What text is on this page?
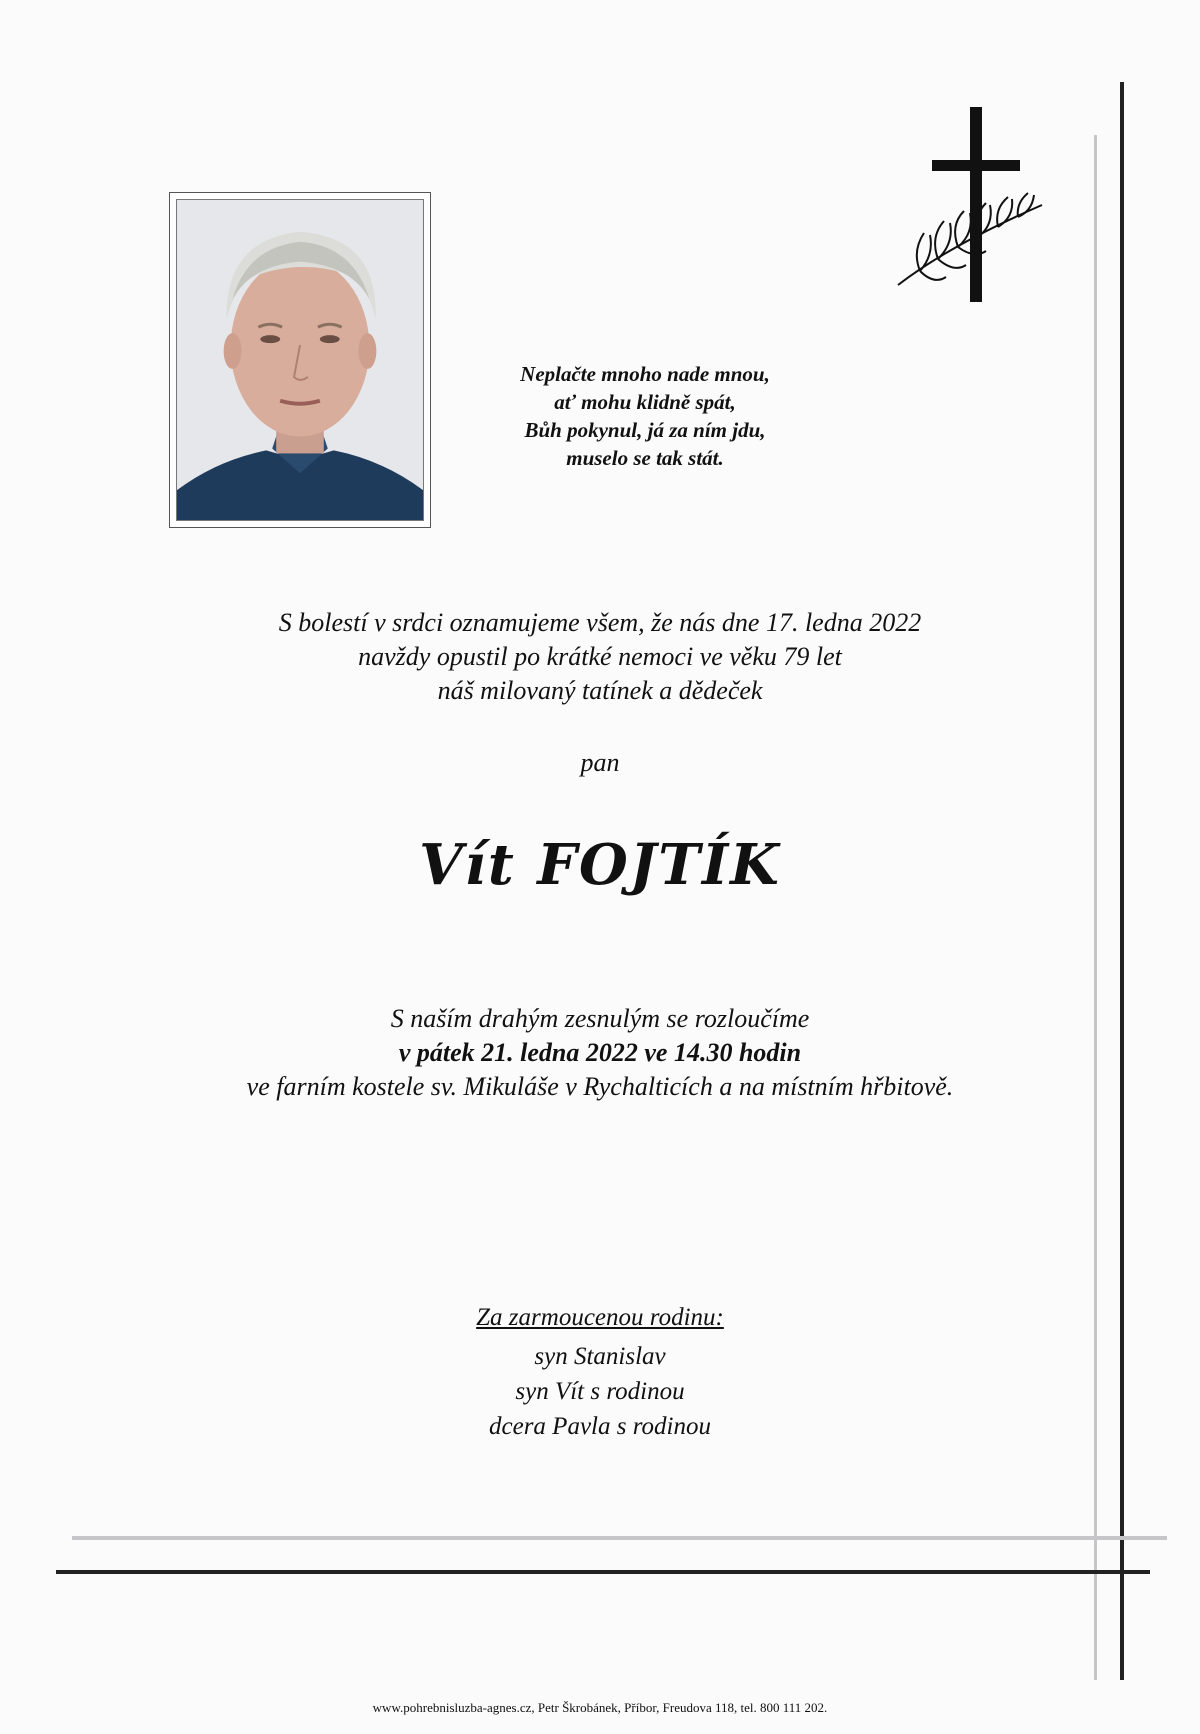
Neplačte mnoho nade mnou,
ať mohu klidně spát,
Bůh pokynul, já za ním jdu,
muselo se tak stát.
S bolestí v srdci oznamujeme všem, že nás dne 17. ledna 2022
navždy opustil po krátké nemoci ve věku 79 let
náš milovaný tatínek a dědeček
pan
Vít FOJTÍK
S naším drahým zesnulým se rozloučíme
v pátek 21. ledna 2022 ve 14.30 hodin
ve farním kostele sv. Mikuláše v Rychalticích a na místním hřbitově.
Za zarmoucenou rodinu:
syn Stanislav
syn Vít s rodinou
dcera Pavla s rodinou
www.pohrebnisluzba-agnes.cz, Petr Škrobánek, Příbor, Freudova 118, tel. 800 111 202.
